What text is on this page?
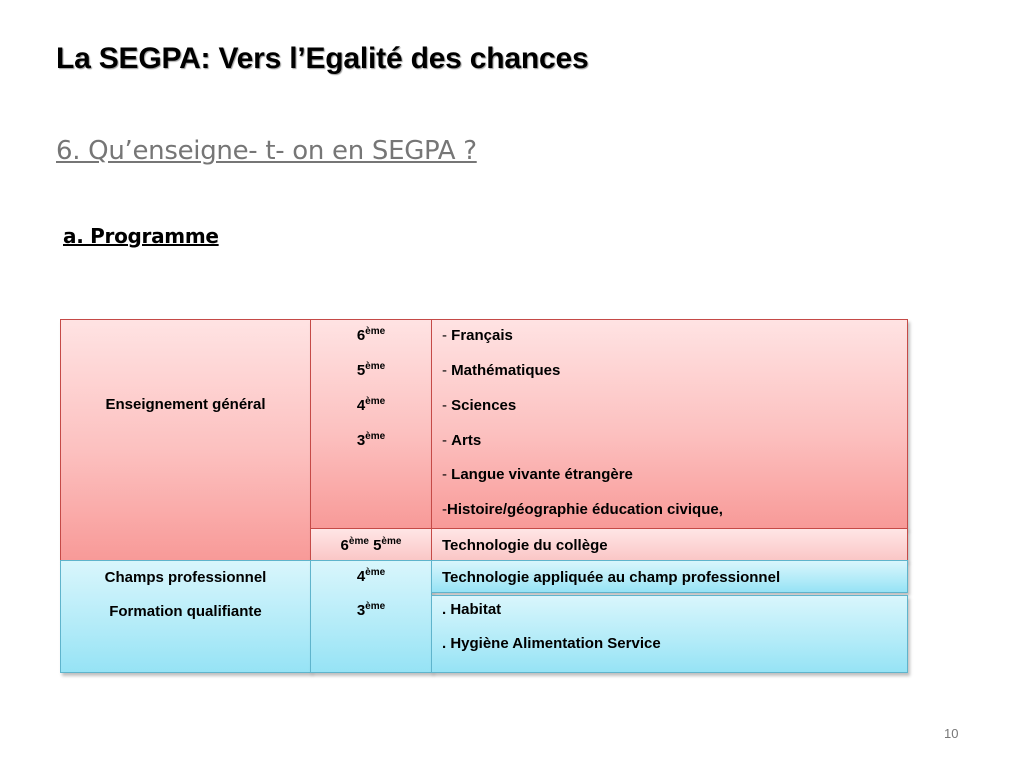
La SEGPA: Vers l’Egalité des chances
6. Qu’enseigne- t- on en SEGPA ?
a. Programme
Enseignement général
6ème
5ème
4ème
3ème
- Français
- Mathématiques
- Sciences
- Arts
- Langue vivante étrangère
-Histoire/géographie éducation civique,
6ème 5ème	Technologie du collège
Champs professionnel
Formation qualifiante
4ème
3ème
Technologie appliquée au champ professionnel
. Habitat
. Hygiène Alimentation Service
10
